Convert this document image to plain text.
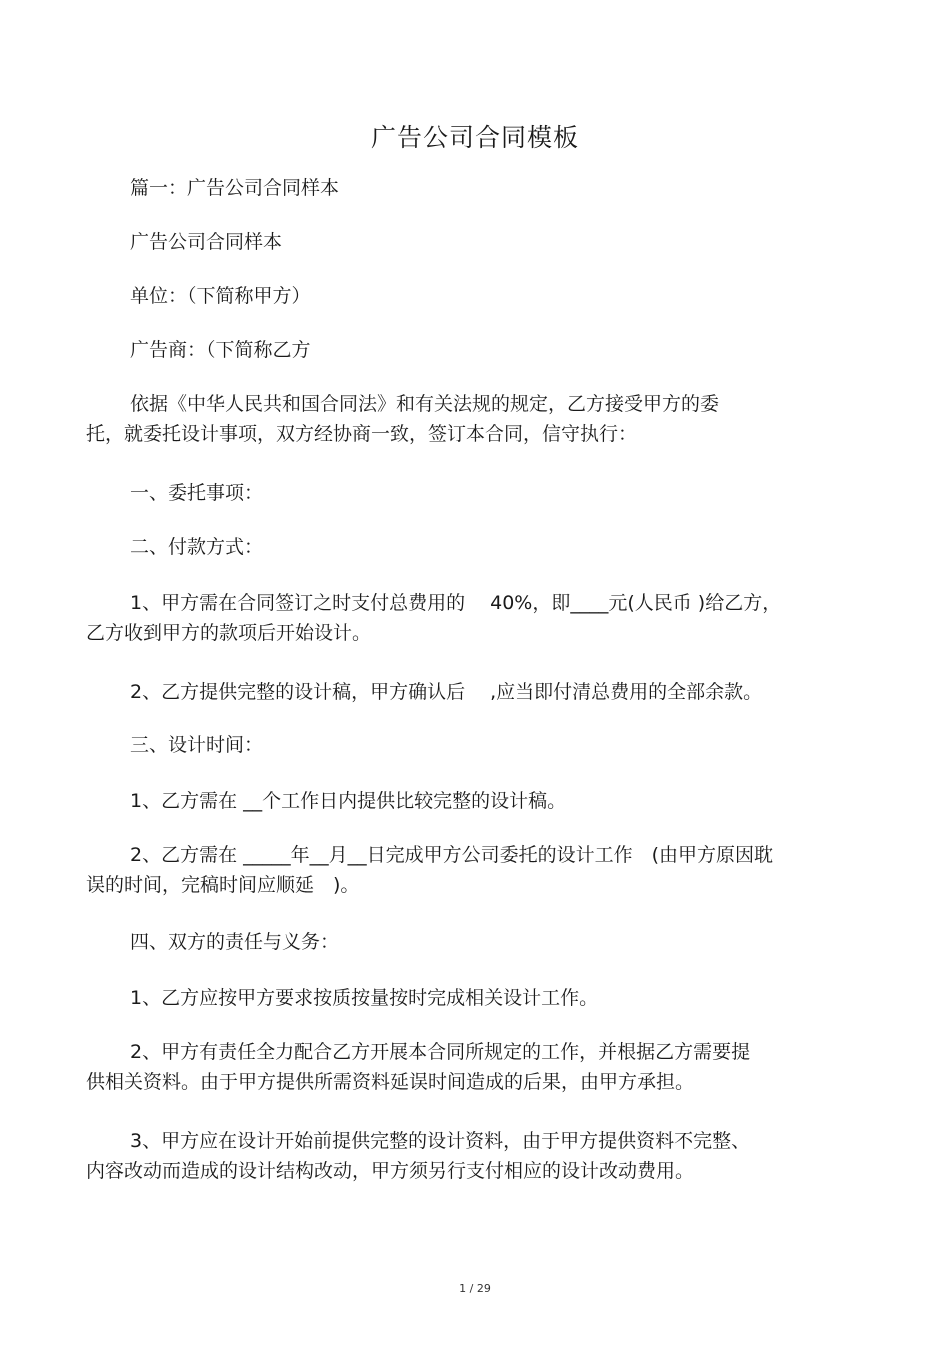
广告公司合同模板

篇一：广告公司合同样本

广告公司合同样本

单位：（下简称甲方）

广告商：（下简称乙方

依据《中华人民共和国合同法》和有关法规的规定，乙方接受甲方的委
托，就委托设计事项，双方经协商一致，签订本合同，信守执行：

一、委托事项：

二、付款方式：

1、甲方需在合同签订之时支付总费用的　 40%，即____元(人民币 )给乙方，
乙方收到甲方的款项后开始设计。

2、乙方提供完整的设计稿，甲方确认后　 ,应当即付清总费用的全部余款。

三、设计时间：

1、乙方需在 __个工作日内提供比较完整的设计稿。

2、乙方需在 _____年__月__日完成甲方公司委托的设计工作　(由甲方原因耽
误的时间，完稿时间应顺延　)。

四、双方的责任与义务：

1、乙方应按甲方要求按质按量按时完成相关设计工作。

2、甲方有责任全力配合乙方开展本合同所规定的工作，并根据乙方需要提
供相关资料。由于甲方提供所需资料延误时间造成的后果，由甲方承担。

3、甲方应在设计开始前提供完整的设计资料，由于甲方提供资料不完整、
内容改动而造成的设计结构改动，甲方须另行支付相应的设计改动费用。

1 / 29
